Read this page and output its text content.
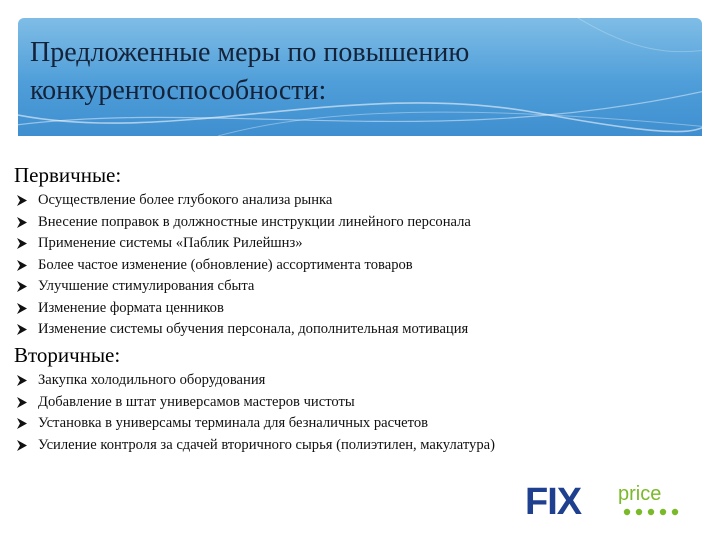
Предложенные меры по повышению
конкурентоспособности:
Первичные:
Осуществление более глубокого анализа рынка
Внесение поправок в должностные инструкции линейного персонала
Применение системы «Паблик Рилейшнз»
Более частое изменение (обновление) ассортимента товаров
Улучшение стимулирования сбыта
Изменение формата ценников
Изменение системы обучения персонала, дополнительная мотивация
Вторичные:
Закупка холодильного оборудования
Добавление в штат универсамов мастеров чистоты
Установка в универсамы терминала для безналичных расчетов
Усиление контроля за сдачей вторичного сырья (полиэтилен, макулатура)
FIX price
